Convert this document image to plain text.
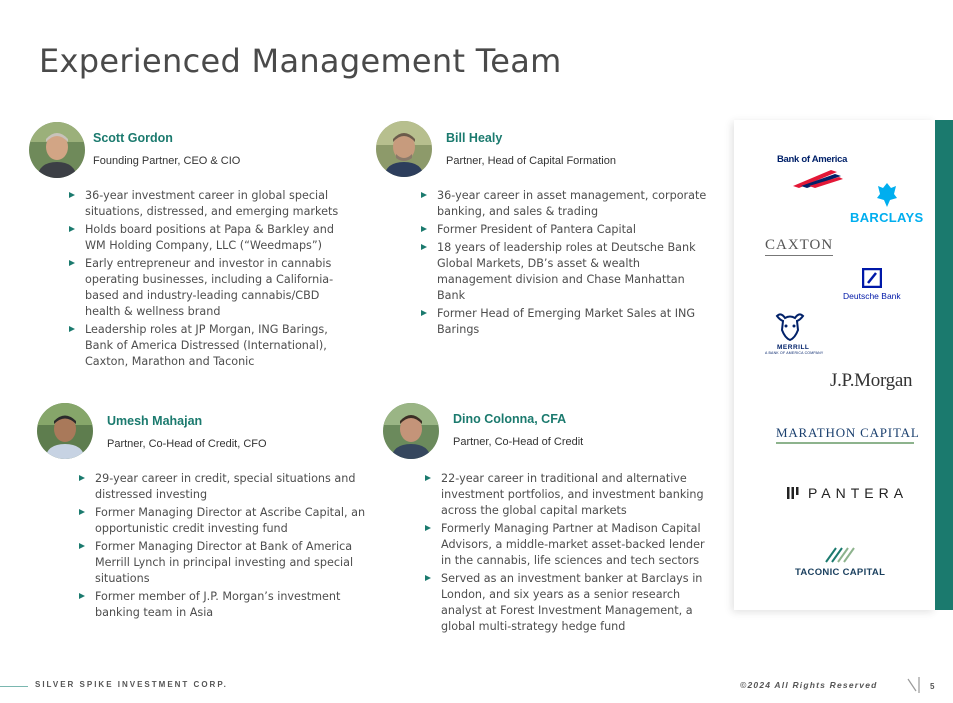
Experienced Management Team
Scott Gordon
Founding Partner, CEO & CIO
36-year investment career in global special situations, distressed, and emerging markets
Holds board positions at Papa & Barkley and WM Holding Company, LLC (“Weedmaps”)
Early entrepreneur and investor in cannabis operating businesses, including a California-based and industry-leading cannabis/CBD health & wellness brand
Leadership roles at JP Morgan, ING Barings, Bank of America Distressed (International), Caxton, Marathon and Taconic
Bill Healy
Partner, Head of Capital Formation
36-year career in asset management, corporate banking, and sales & trading
Former President of Pantera Capital
18 years of leadership roles at Deutsche Bank Global Markets, DB’s asset & wealth management division and Chase Manhattan Bank
Former Head of Emerging Market Sales at ING Barings
Umesh Mahajan
Partner, Co-Head of Credit, CFO
29-year career in credit, special situations and distressed investing
Former Managing Director at Ascribe Capital, an opportunistic credit investing fund
Former Managing Director at Bank of America Merrill Lynch in principal investing and special situations
Former member of J.P. Morgan’s investment banking team in Asia
Dino Colonna, CFA
Partner, Co-Head of Credit
22-year career in traditional and alternative investment portfolios, and investment banking across the global capital markets
Formerly Managing Partner at Madison Capital Advisors, a middle-market asset-backed lender in the cannabis, life sciences and tech sectors
Served as an investment banker at Barclays in London, and six years as a senior research analyst at Forest Investment Management, a global multi-strategy hedge fund
Bank of America
BARCLAYS
CAXTON
Deutsche Bank
MERRILL
A BANK OF AMERICA COMPANY
J.P.Morgan
MARATHON CAPITAL
PANTERA
TACONIC CAPITAL
SILVER SPIKE INVESTMENT CORP.	©2024 All Rights Reserved	5
